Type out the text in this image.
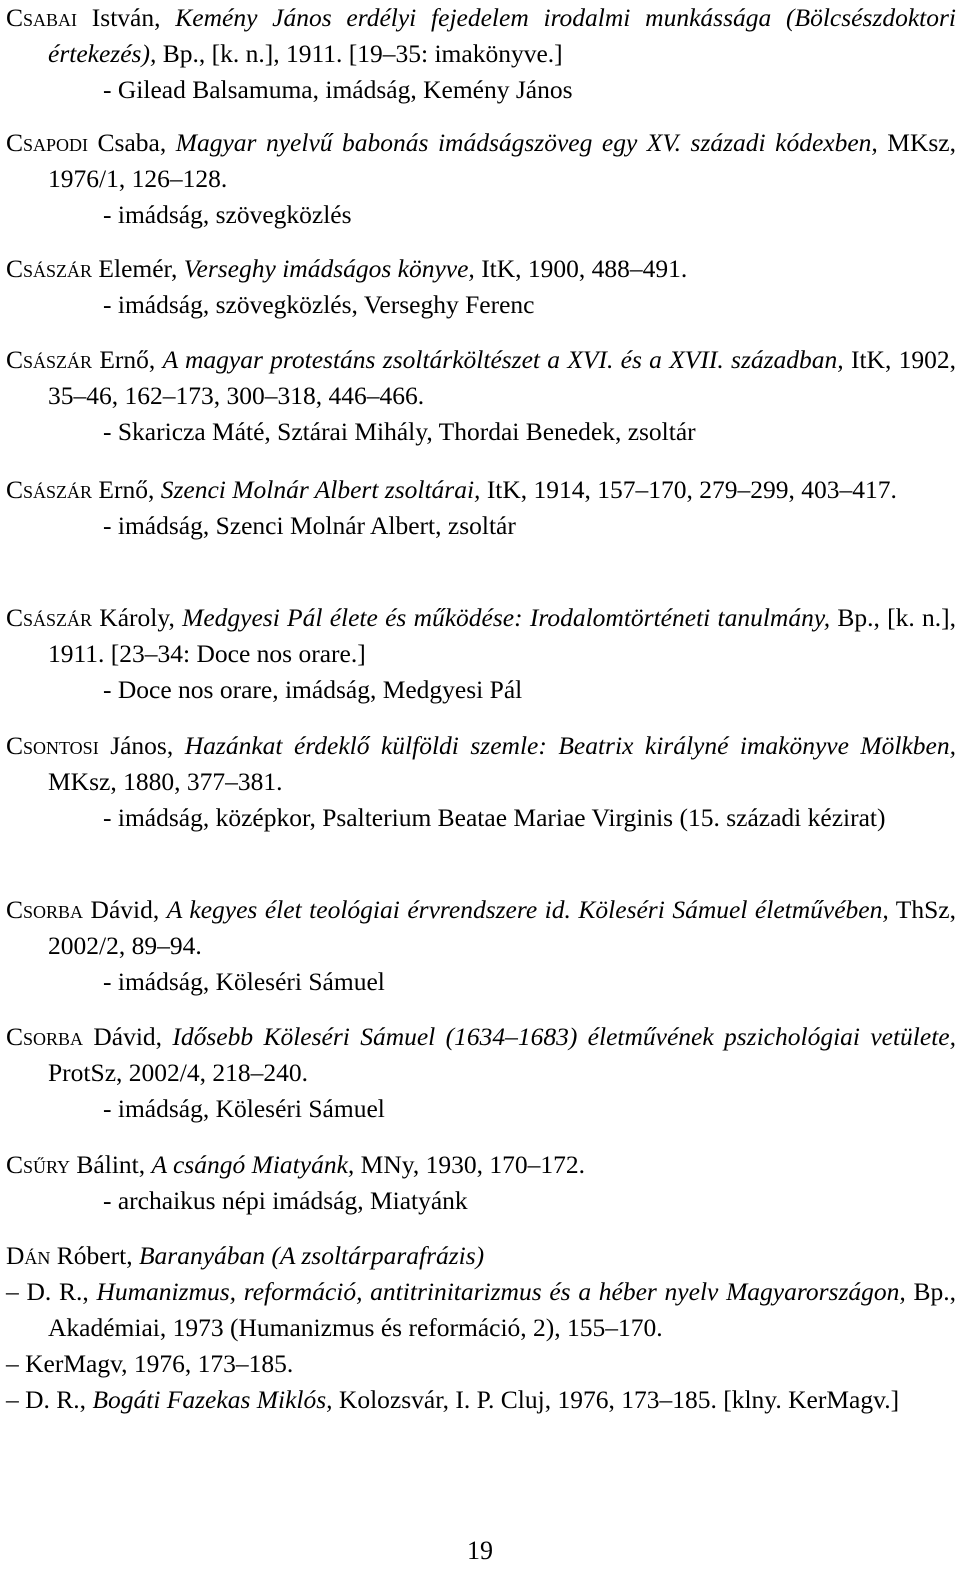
Csabai István, Kemény János erdélyi fejedelem irodalmi munkássága (Bölcsészdoktori értekezés), Bp., [k. n.], 1911. [19–35: imakönyve.]
- Gilead Balsamuma, imádság, Kemény János
Csapodi Csaba, Magyar nyelvű babonás imádságszöveg egy XV. századi kódexben, MKsz, 1976/1, 126–128.
- imádság, szövegközlés
Császár Elemér, Verseghy imádságos könyve, ItK, 1900, 488–491.
- imádság, szövegközlés, Verseghy Ferenc
Császár Ernő, A magyar protestáns zsoltárköltészet a XVI. és a XVII. században, ItK, 1902, 35–46, 162–173, 300–318, 446–466.
- Skaricza Máté, Sztárai Mihály, Thordai Benedek, zsoltár
Császár Ernő, Szenci Molnár Albert zsoltárai, ItK, 1914, 157–170, 279–299, 403–417.
- imádság, Szenci Molnár Albert, zsoltár
Császár Károly, Medgyesi Pál élete és működése: Irodalomtörténeti tanulmány, Bp., [k. n.], 1911. [23–34: Doce nos orare.]
- Doce nos orare, imádság, Medgyesi Pál
Csontosi János, Hazánkat érdeklő külföldi szemle: Beatrix királyné imakönyve Mölkben, MKsz, 1880, 377–381.
- imádság, középkor, Psalterium Beatae Mariae Virginis (15. századi kézirat)
Csorba Dávid, A kegyes élet teológiai érvrendszere id. Köleséri Sámuel életművében, ThSz, 2002/2, 89–94.
- imádság, Köleséri Sámuel
Csorba Dávid, Idősebb Köleséri Sámuel (1634–1683) életművének pszichológiai vetülete, ProtSz, 2002/4, 218–240.
- imádság, Köleséri Sámuel
Csűry Bálint, A csángó Miatyánk, MNy, 1930, 170–172.
- archaikus népi imádság, Miatyánk
Dán Róbert, Baranyában (A zsoltárparafrázis)
– D. R., Humanizmus, reformáció, antitrinitarizmus és a héber nyelv Magyarországon, Bp., Akadémiai, 1973 (Humanizmus és reformáció, 2), 155–170.
– KerMagv, 1976, 173–185.
– D. R., Bogáti Fazekas Miklós, Kolozsvár, I. P. Cluj, 1976, 173–185. [klny. KerMagv.]
19
